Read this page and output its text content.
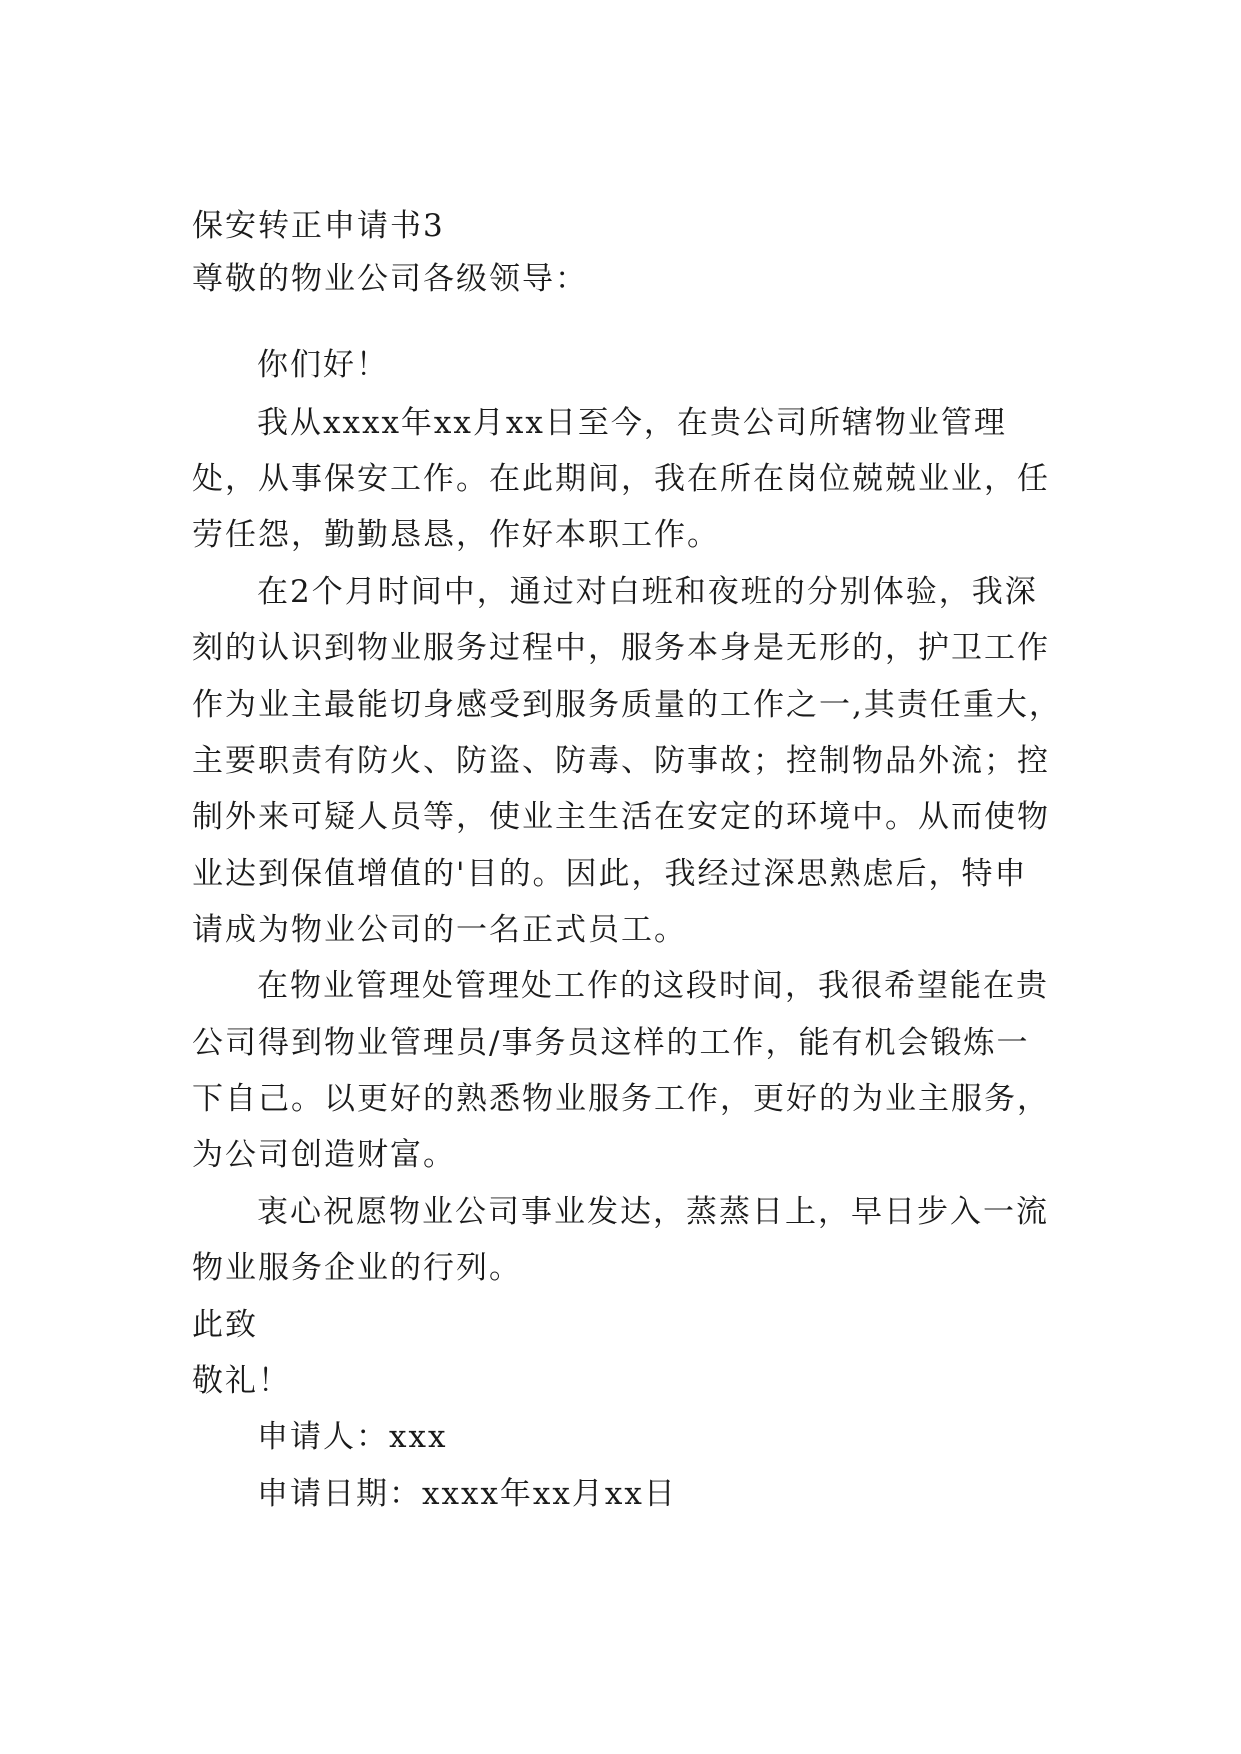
保安转正申请书3

尊敬的物业公司各级领导：

你们好！

我从xxxx年xx月xx日至今，在贵公司所辖物业管理

处，从事保安工作。在此期间，我在所在岗位兢兢业业，任

劳任怨，勤勤恳恳，作好本职工作。

在2个月时间中，通过对白班和夜班的分别体验，我深

刻的认识到物业服务过程中，服务本身是无形的，护卫工作

作为业主最能切身感受到服务质量的工作之一,其责任重大，

主要职责有防火、防盗、防毒、防事故；控制物品外流；控

制外来可疑人员等，使业主生活在安定的环境中。从而使物

业达到保值增值的'目的。因此，我经过深思熟虑后，特申

请成为物业公司的一名正式员工。

在物业管理处管理处工作的这段时间，我很希望能在贵

公司得到物业管理员/事务员这样的工作，能有机会锻炼一

下自己。以更好的熟悉物业服务工作，更好的为业主服务，

为公司创造财富。

衷心祝愿物业公司事业发达，蒸蒸日上，早日步入一流

物业服务企业的行列。

此致

敬礼！

申请人：xxx

申请日期：xxxx年xx月xx日
